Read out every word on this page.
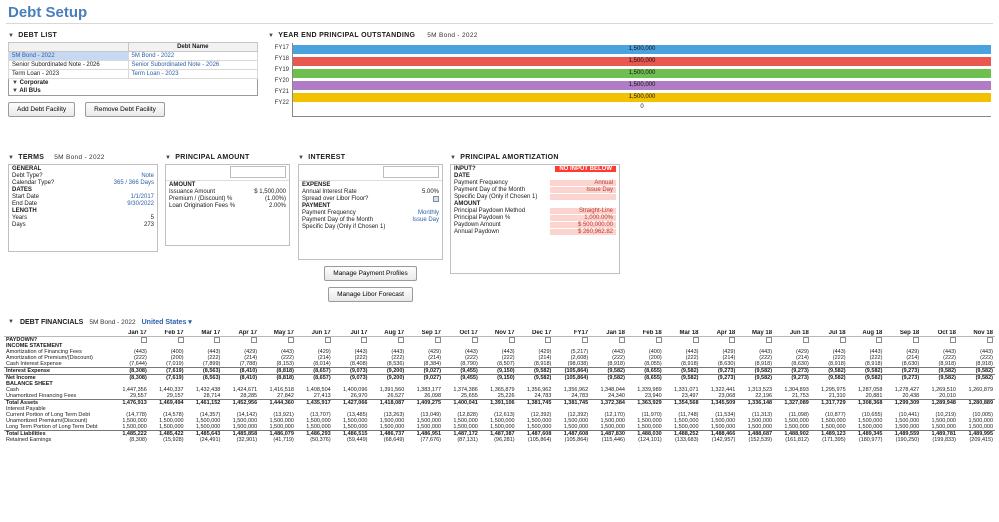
Debt Setup
▼ DEBT LIST
	Debt Name
5M Bond - 2022	5M Bond - 2022
Senior Subordinated Note - 2026	Senior Subordinated Note - 2026
Term Loan - 2023	Term Loan - 2023
▼ Corporate	
▼ All BUs	
Add Debt Facility	Remove Debt Facility
▼ YEAR END PRINCIPAL OUTSTANDING 5M Bond - 2022
FY17
FY18
FY19
FY20
FY21
FY22
1,500,000
1,500,000
1,500,000
1,500,000
1,500,000
0
▼ TERMS 5M Bond - 2022
GENERAL	
Debt Type?	Note
Calendar Type?	365 / 366 Days
DATES	
Start Date	1/1/2017
End Date	9/30/2022
LENGTH	
Years	5
Days	273
▼ PRINCIPAL AMOUNT
AMOUNT	
Issuance Amount	$ 1,500,000
Premium / (Discount) %	(1.00%)
Loan Origination Fees %	2.00%
▼ INTEREST
EXPENSE	
Annual Interest Rate	5.00%
Spread over Libor Floor?	
PAYMENT	
Payment Frequency	Monthly
Payment Day of the Month	Issue Day
Specific Day (Only if Chosen 1)	
Manage Payment Profiles
Manage Libor Forecast
▼ PRINCIPAL AMORTIZATION
INPUT?	NO INPUT BELOW
DATE	
Payment Frequency	Annual

Payment Day of the Month	Issue Day

Specific Day (Only if Chosen 1)	

AMOUNT	
Principal Paydown Method	Straight-Line

Principal Paydown %	1,000.00%

Paydown Amount	$ 500,000.00

Annual Paydown	$ 260,962.82
▼ DEBT FINANCIALS 5M Bond - 2022 United States ▾
	Jan 17	Feb 17	Mar 17	Apr 17	May 17	Jun 17	Jul 17	Aug 17	Sep 17	Oct 17	Nov 17	Dec 17	FY17	Jan 18	Feb 18	Mar 18	Apr 18	May 18	Jun 18	Jul 18	Aug 18	Sep 18	Oct 18	Nov 18
PAYDOWN?																								
INCOME STATEMENT																								
Amortization of Financing Fees	(443)	(400)	(443)	(429)	(443)	(429)	(443)	(443)	(429)	(443)	(443)	(429)	(5,217)	(443)	(400)	(443)	(429)	(443)	(429)	(443)	(443)	(429)	(443)	(443)
Amortization of Premium/(Discount)	(222)	(200)	(222)	(214)	(222)	(214)	(222)	(222)	(214)	(222)	(222)	(214)	(2,608)	(222)	(200)	(222)	(214)	(222)	(214)	(222)	(222)	(214)	(222)	(222)
Cash Interest Expense	(7,644)	(7,019)	(7,899)	(7,788)	(8,153)	(8,014)	(8,408)	(8,536)	(8,384)	(8,790)	(8,507)	(8,918)	(98,038)	(8,918)	(8,055)	(8,918)	(8,630)	(8,918)	(8,630)	(8,918)	(8,918)	(8,630)	(8,918)	(8,918)
Interest Expense	(8,308)	(7,619)	(8,563)	(8,410)	(8,818)	(8,657)	(9,073)	(9,200)	(9,027)	(9,455)	(9,150)	(9,582)	(105,864)	(9,582)	(8,655)	(9,582)	(9,273)	(9,582)	(9,273)	(9,582)	(9,582)	(9,273)	(9,582)	(9,582)
Net Income	(8,308)	(7,619)	(8,563)	(8,410)	(8,818)	(8,657)	(9,073)	(9,200)	(9,027)	(9,455)	(9,150)	(9,582)	(105,864)	(9,582)	(8,655)	(9,582)	(9,273)	(9,582)	(9,273)	(9,582)	(9,582)	(9,273)	(9,582)	(9,582)
BALANCE SHEET																								
Cash	1,447,356	1,440,337	1,432,438	1,424,671	1,416,518	1,408,504	1,400,096	1,391,560	1,383,177	1,374,386	1,365,879	1,356,962	1,356,962	1,348,044	1,339,989	1,331,071	1,322,441	1,313,523	1,304,893	1,295,975	1,287,058	1,278,427	1,269,510	1,260,879
Unamortized Financing Fees	29,557	29,157	28,714	28,285	27,842	27,413	26,970	26,527	26,098	25,655	25,226	24,783	24,783	24,340	23,940	23,497	23,068	22,196	21,753	21,310	20,881	20,438	20,010	
Total Assets	1,476,913	1,469,494	1,461,152	1,452,956	1,444,360	1,435,917	1,427,066	1,418,087	1,409,275	1,400,041	1,391,106	1,381,745	1,381,745	1,372,384	1,363,929	1,354,568	1,345,509	1,336,148	1,327,089	1,317,729	1,308,368	1,299,309	1,289,948	1,280,889
Interest Payable																								
Current Portion of Long Term Debt	(14,778)	(14,578)	(14,357)	(14,142)	(13,921)	(13,707)	(13,485)	(13,263)	(13,049)	(12,828)	(12,613)	(12,392)	(12,392)	(12,170)	(11,970)	(11,748)	(11,534)	(11,313)	(11,098)	(10,877)	(10,655)	(10,441)	(10,219)	(10,005)
Unamortized Premium/(Discount)	1,500,000	1,500,000	1,500,000	1,500,000	1,500,000	1,500,000	1,500,000	1,500,000	1,500,000	1,500,000	1,500,000	1,500,000	1,500,000	1,500,000	1,500,000	1,500,000	1,500,000	1,500,000	1,500,000	1,500,000	1,500,000	1,500,000	1,500,000	1,500,000
Long Term Portion of Long Term Debt	1,500,000	1,500,000	1,500,000	1,500,000	1,500,000	1,500,000	1,500,000	1,500,000	1,500,000	1,500,000	1,500,000	1,500,000	1,500,000	1,500,000	1,500,000	1,500,000	1,500,000	1,500,000	1,500,000	1,500,000	1,500,000	1,500,000	1,500,000	1,500,000
Total Liabilities	1,485,222	1,485,422	1,485,643	1,485,858	1,486,079	1,486,293	1,486,515	1,486,737	1,486,951	1,487,172	1,487,387	1,487,608	1,487,608	1,487,830	1,488,030	1,488,252	1,488,466	1,488,687	1,488,902	1,489,123	1,489,345	1,489,559	1,489,781	1,489,995
Retained Earnings	(8,308)	(15,928)	(24,491)	(32,901)	(41,719)	(50,376)	(59,449)	(68,649)	(77,676)	(87,131)	(96,281)	(105,864)	(105,864)	(115,446)	(124,101)	(133,683)	(142,957)	(152,539)	(161,812)	(171,395)	(180,977)	(190,250)	(199,833)	(209,415)
